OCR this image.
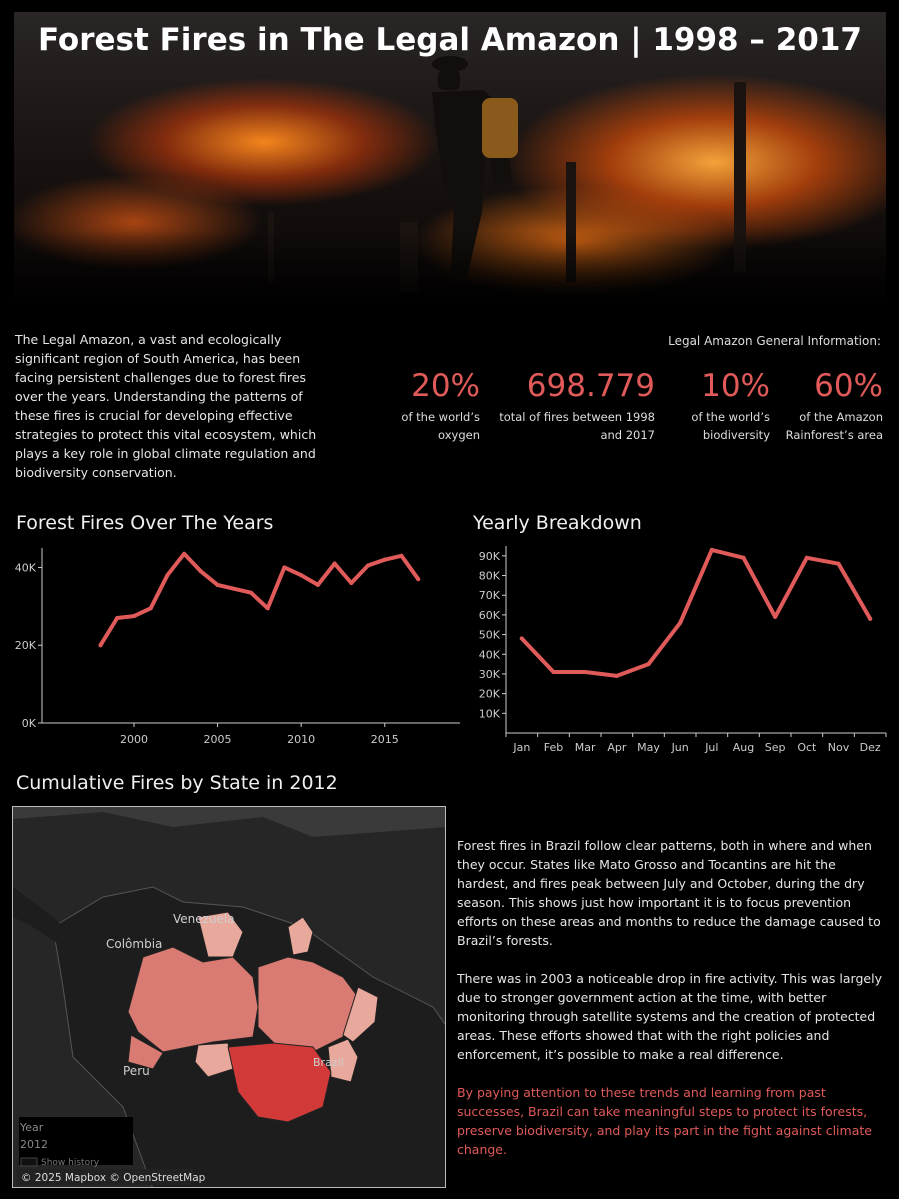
Forest Fires in The Legal Amazon | 1998 – 2017
The Legal Amazon, a vast and ecologically significant region of South America, has been facing persistent challenges due to forest fires over the years. Understanding the patterns of these fires is crucial for developing effective strategies to protect this vital ecosystem, which plays a key role in global climate regulation and biodiversity conservation.
Legal Amazon General Information:
20%
of the world’s
oxygen
698.779
total of fires between 1998
and 2017
10%
of the world’s
biodiversity
60%
of the Amazon
Rainforest’s area
Forest Fires Over The Years
0K
20K
40K
2000	2005	2010	2015
Yearly Breakdown
10K
20K
30K
40K
50K
60K
70K
80K
90K
Jan Feb Mar Apr May Jun Jul Aug Sep Oct Nov Dez
Cumulative Fires by State in 2012
Venezuela
Colômbia
Peru
Brazil
Year
2012
Show history
© 2025 Mapbox © OpenStreetMap

Forest fires in Brazil follow clear patterns, both in where and when they occur. States like Mato Grosso and Tocantins are hit the hardest, and fires peak between July and October, during the dry season. This shows just how important it is to focus prevention efforts on these areas and months to reduce the damage caused to Brazil’s forests.

There was in 2003 a noticeable drop in fire activity. This was largely due to stronger government action at the time, with better monitoring through satellite systems and the creation of protected areas. These efforts showed that with the right policies and enforcement, it’s possible to make a real difference.

By paying attention to these trends and learning from past successes, Brazil can take meaningful steps to protect its forests, preserve biodiversity, and play its part in the fight against climate change.
